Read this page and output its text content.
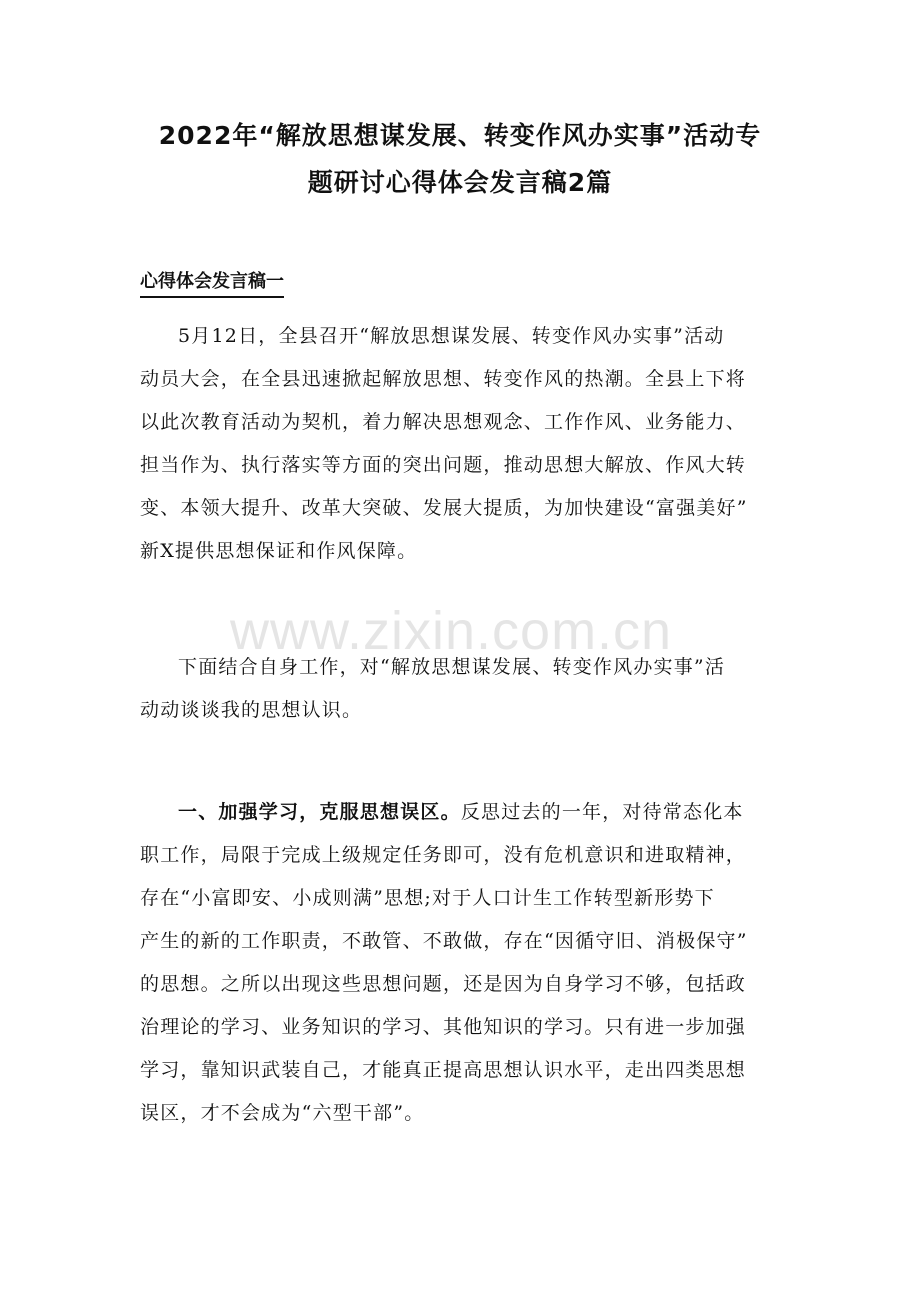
2022年“解放思想谋发展、转变作风办实事”活动专
题研讨心得体会发言稿2篇
心得体会发言稿一
5月12日，全县召开“解放思想谋发展、转变作风办实事”活动
动员大会，在全县迅速掀起解放思想、转变作风的热潮。全县上下将
以此次教育活动为契机，着力解决思想观念、工作作风、业务能力、
担当作为、执行落实等方面的突出问题，推动思想大解放、作风大转
变、本领大提升、改革大突破、发展大提质，为加快建设“富强美好”
新X提供思想保证和作风保障。
www.zixin.com.cn
下面结合自身工作，对“解放思想谋发展、转变作风办实事”活
动动谈谈我的思想认识。
一、加强学习，克服思想误区。反思过去的一年，对待常态化本
职工作，局限于完成上级规定任务即可，没有危机意识和进取精神，
存在“小富即安、小成则满”思想;对于人口计生工作转型新形势下
产生的新的工作职责，不敢管、不敢做，存在“因循守旧、消极保守”
的思想。之所以出现这些思想问题，还是因为自身学习不够，包括政
治理论的学习、业务知识的学习、其他知识的学习。只有进一步加强
学习，靠知识武装自己，才能真正提高思想认识水平，走出四类思想
误区，才不会成为“六型干部”。
